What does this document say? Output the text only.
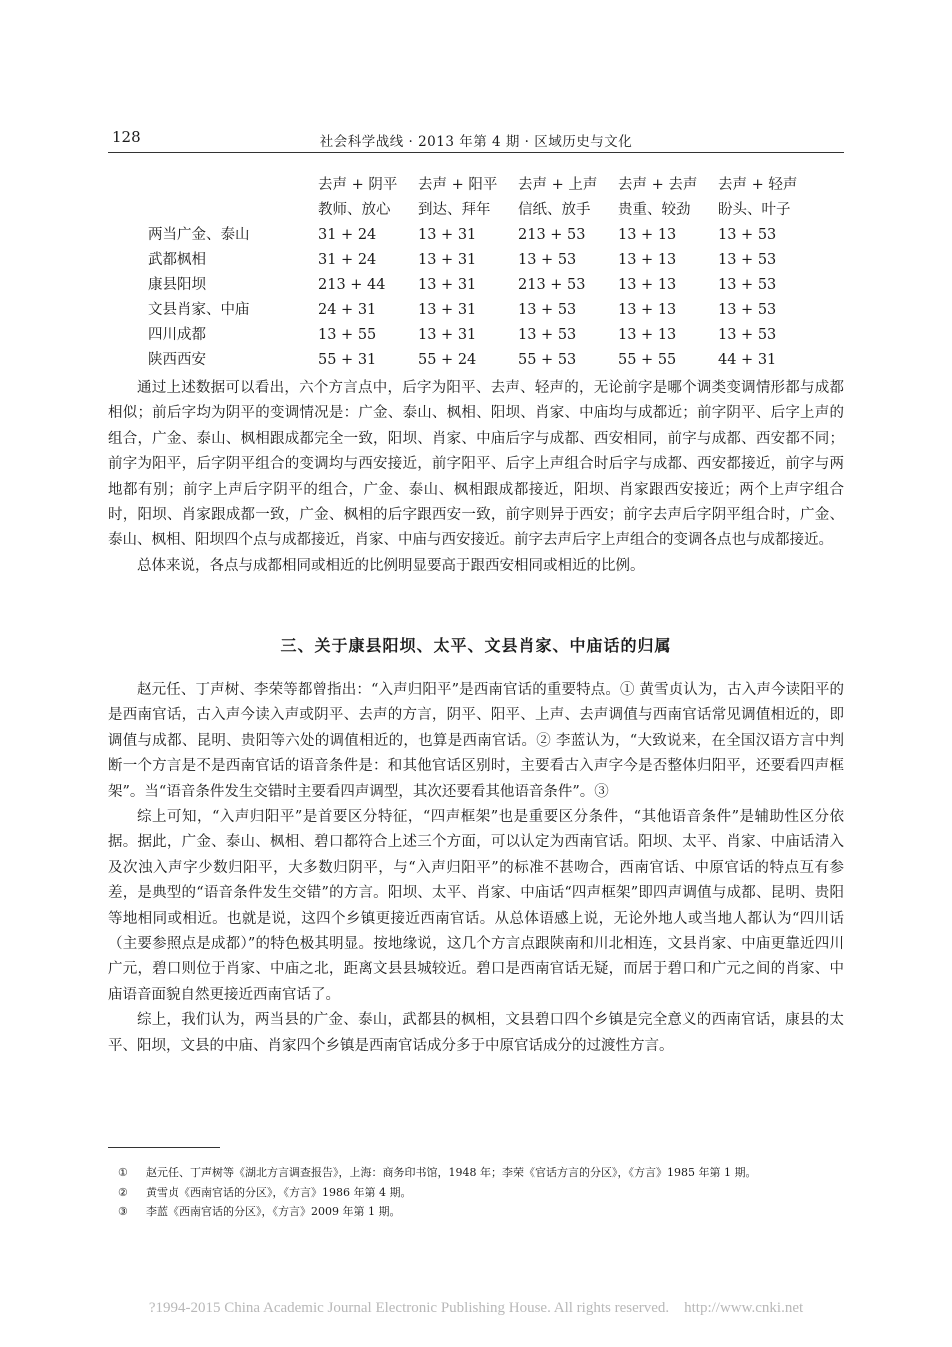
128	社会科学战线 · 2013 年第 4 期 · 区域历史与文化
	去声 + 阴平	去声 + 阳平	去声 + 上声	去声 + 去声	去声 + 轻声
	教师、放心	到达、拜年	信纸、放手	贵重、较劲	盼头、叶子
两当广金、泰山	31 + 24	13 + 31	213 + 53	13 + 13	13 + 53
武都枫相	31 + 24	13 + 31	13 + 53	13 + 13	13 + 53
康县阳坝	213 + 44	13 + 31	213 + 53	13 + 13	13 + 53
文县肖家、中庙	24 + 31	13 + 31	13 + 53	13 + 13	13 + 53
四川成都	13 + 55	13 + 31	13 + 53	13 + 13	13 + 53
陕西西安	55 + 31	55 + 24	55 + 53	55 + 55	44 + 31

通过上述数据可以看出，六个方言点中，后字为阳平、去声、轻声的，无论前字是哪个调类变调情形都与成都相似；前后字均为阴平的变调情况是：广金、泰山、枫相、阳坝、肖家、中庙均与成都近；前字阴平、后字上声的组合，广金、泰山、枫相跟成都完全一致，阳坝、肖家、中庙后字与成都、西安相同，前字与成都、西安都不同；前字为阳平，后字阴平组合的变调均与西安接近，前字阳平、后字上声组合时后字与成都、西安都接近，前字与两地都有别；前字上声后字阴平的组合，广金、泰山、枫相跟成都接近，阳坝、肖家跟西安接近；两个上声字组合时，阳坝、肖家跟成都一致，广金、枫相的后字跟西安一致，前字则异于西安；前字去声后字阴平组合时，广金、泰山、枫相、阳坝四个点与成都接近，肖家、中庙与西安接近。前字去声后字上声组合的变调各点也与成都接近。

总体来说，各点与成都相同或相近的比例明显要高于跟西安相同或相近的比例。

三、关于康县阳坝、太平、文县肖家、中庙话的归属

赵元任、丁声树、李荣等都曾指出：“入声归阳平”是西南官话的重要特点。① 黄雪贞认为，古入声今读阳平的是西南官话，古入声今读入声或阴平、去声的方言，阴平、阳平、上声、去声调值与西南官话常见调值相近的，即调值与成都、昆明、贵阳等六处的调值相近的，也算是西南官话。② 李蓝认为，“大致说来，在全国汉语方言中判断一个方言是不是西南官话的语音条件是：和其他官话区别时，主要看古入声字今是否整体归阳平，还要看四声框架”。当“语音条件发生交错时主要看四声调型，其次还要看其他语音条件”。③

综上可知，“入声归阳平”是首要区分特征，“四声框架”也是重要区分条件，“其他语音条件”是辅助性区分依据。据此，广金、泰山、枫相、碧口都符合上述三个方面，可以认定为西南官话。阳坝、太平、肖家、中庙话清入及次浊入声字少数归阳平，大多数归阴平，与“入声归阳平”的标准不甚吻合，西南官话、中原官话的特点互有参差，是典型的“语音条件发生交错”的方言。阳坝、太平、肖家、中庙话“四声框架”即四声调值与成都、昆明、贵阳等地相同或相近。也就是说，这四个乡镇更接近西南官话。从总体语感上说，无论外地人或当地人都认为“四川话（主要参照点是成都）”的特色极其明显。按地缘说，这几个方言点跟陕南和川北相连，文县肖家、中庙更靠近四川广元，碧口则位于肖家、中庙之北，距离文县县城较近。碧口是西南官话无疑，而居于碧口和广元之间的肖家、中庙语音面貌自然更接近西南官话了。

综上，我们认为，两当县的广金、泰山，武都县的枫相，文县碧口四个乡镇是完全意义的西南官话，康县的太平、阳坝，文县的中庙、肖家四个乡镇是西南官话成分多于中原官话成分的过渡性方言。

① 赵元任、丁声树等《湖北方言调查报告》，上海：商务印书馆，1948 年；李荣《官话方言的分区》，《方言》1985 年第 1 期。
② 黄雪贞《西南官话的分区》，《方言》1986 年第 4 期。
③ 李蓝《西南官话的分区》，《方言》2009 年第 1 期。
?1994-2015 China Academic Journal Electronic Publishing House. All rights reserved.    http://www.cnki.net
